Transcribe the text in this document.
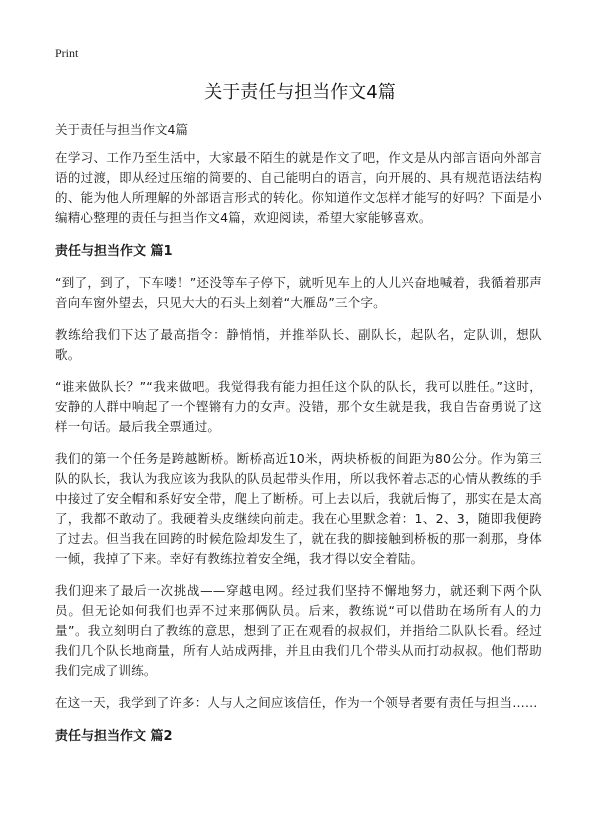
Print
关于责任与担当作文4篇

关于责任与担当作文4篇

在学习、工作乃至生活中，大家最不陌生的就是作文了吧，作文是从内部言语向外部言语的过渡，即从经过压缩的简要的、自己能明白的语言，向开展的、具有规范语法结构的、能为他人所理解的外部语言形式的转化。你知道作文怎样才能写的好吗？下面是小编精心整理的责任与担当作文4篇，欢迎阅读，希望大家能够喜欢。

责任与担当作文 篇1

“到了，到了，下车喽！”还没等车子停下，就听见车上的人儿兴奋地喊着，我循着那声音向车窗外望去，只见大大的石头上刻着“大雁岛”三个字。

教练给我们下达了最高指令：静悄悄，并推举队长、副队长，起队名，定队训，想队歌。

“谁来做队长？”“我来做吧。我觉得我有能力担任这个队的队长，我可以胜任。”这时，安静的人群中响起了一个铿锵有力的女声。没错，那个女生就是我，我自告奋勇说了这样一句话。最后我全票通过。

我们的第一个任务是跨越断桥。断桥高近10米，两块桥板的间距为80公分。作为第三队的队长，我认为我应该为我队的队员起带头作用，所以我怀着忐忑的心情从教练的手中接过了安全帽和系好安全带，爬上了断桥。可上去以后，我就后悔了，那实在是太高了，我都不敢动了。我硬着头皮继续向前走。我在心里默念着：1、2、3，随即我便跨了过去。但当我在回跨的时候危险却发生了，就在我的脚接触到桥板的那一刹那，身体一倾，我掉了下来。幸好有教练拉着安全绳，我才得以安全着陆。

我们迎来了最后一次挑战——穿越电网。经过我们坚持不懈地努力，就还剩下两个队员。但无论如何我们也弄不过来那俩队员。后来，教练说“可以借助在场所有人的力量”。我立刻明白了教练的意思，想到了正在观看的叔叔们，并指给二队队长看。经过我们几个队长地商量，所有人站成两排，并且由我们几个带头从而打动叔叔。他们帮助我们完成了训练。

在这一天，我学到了许多：人与人之间应该信任，作为一个领导者要有责任与担当……

责任与担当作文 篇2
